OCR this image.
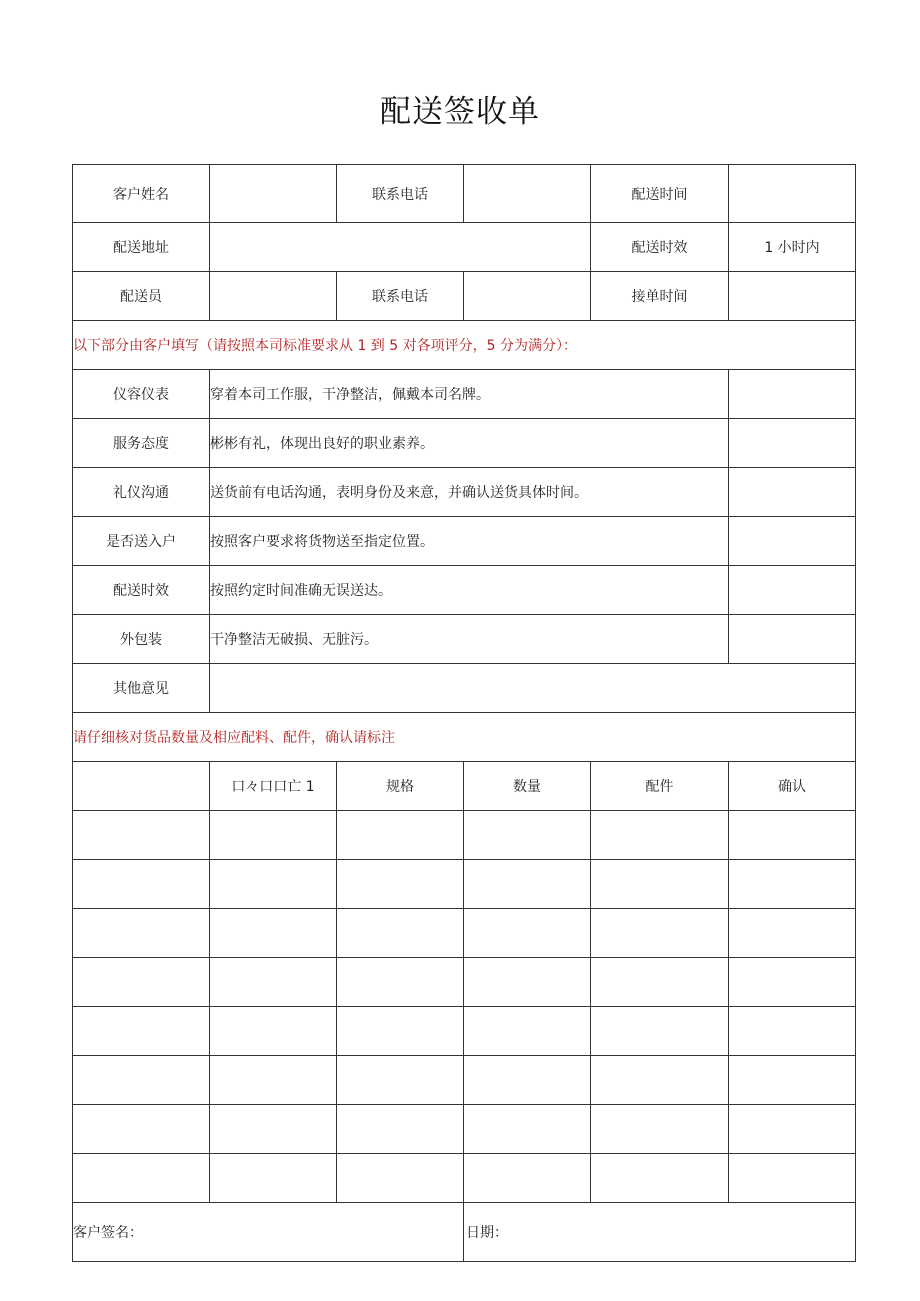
配送签收单
客户姓名		联系电话		配送时间	
配送地址				配送时效	1 小时内
配送员		联系电话		接单时间	
以下部分由客户填写（请按照本司标准要求从 1 到 5 对各项评分，5 分为满分）：					
仪容仪表	穿着本司工作服，干净整洁，佩戴本司名牌。				
服务态度	彬彬有礼，体现出良好的职业素养。				
礼仪沟通	送货前有电话沟通，表明身份及来意，并确认送货具体时间。				
是否送入户	按照客户要求将货物送至指定位置。				
配送时效	按照约定时间准确无误送达。				
外包装	干净整洁无破损、无脏污。				
其他意见					
请仔细核对货品数量及相应配料、配件，确认请标注					
	口々口口亡 1	规格	数量	配件	确认

客户签名：			日期：		
